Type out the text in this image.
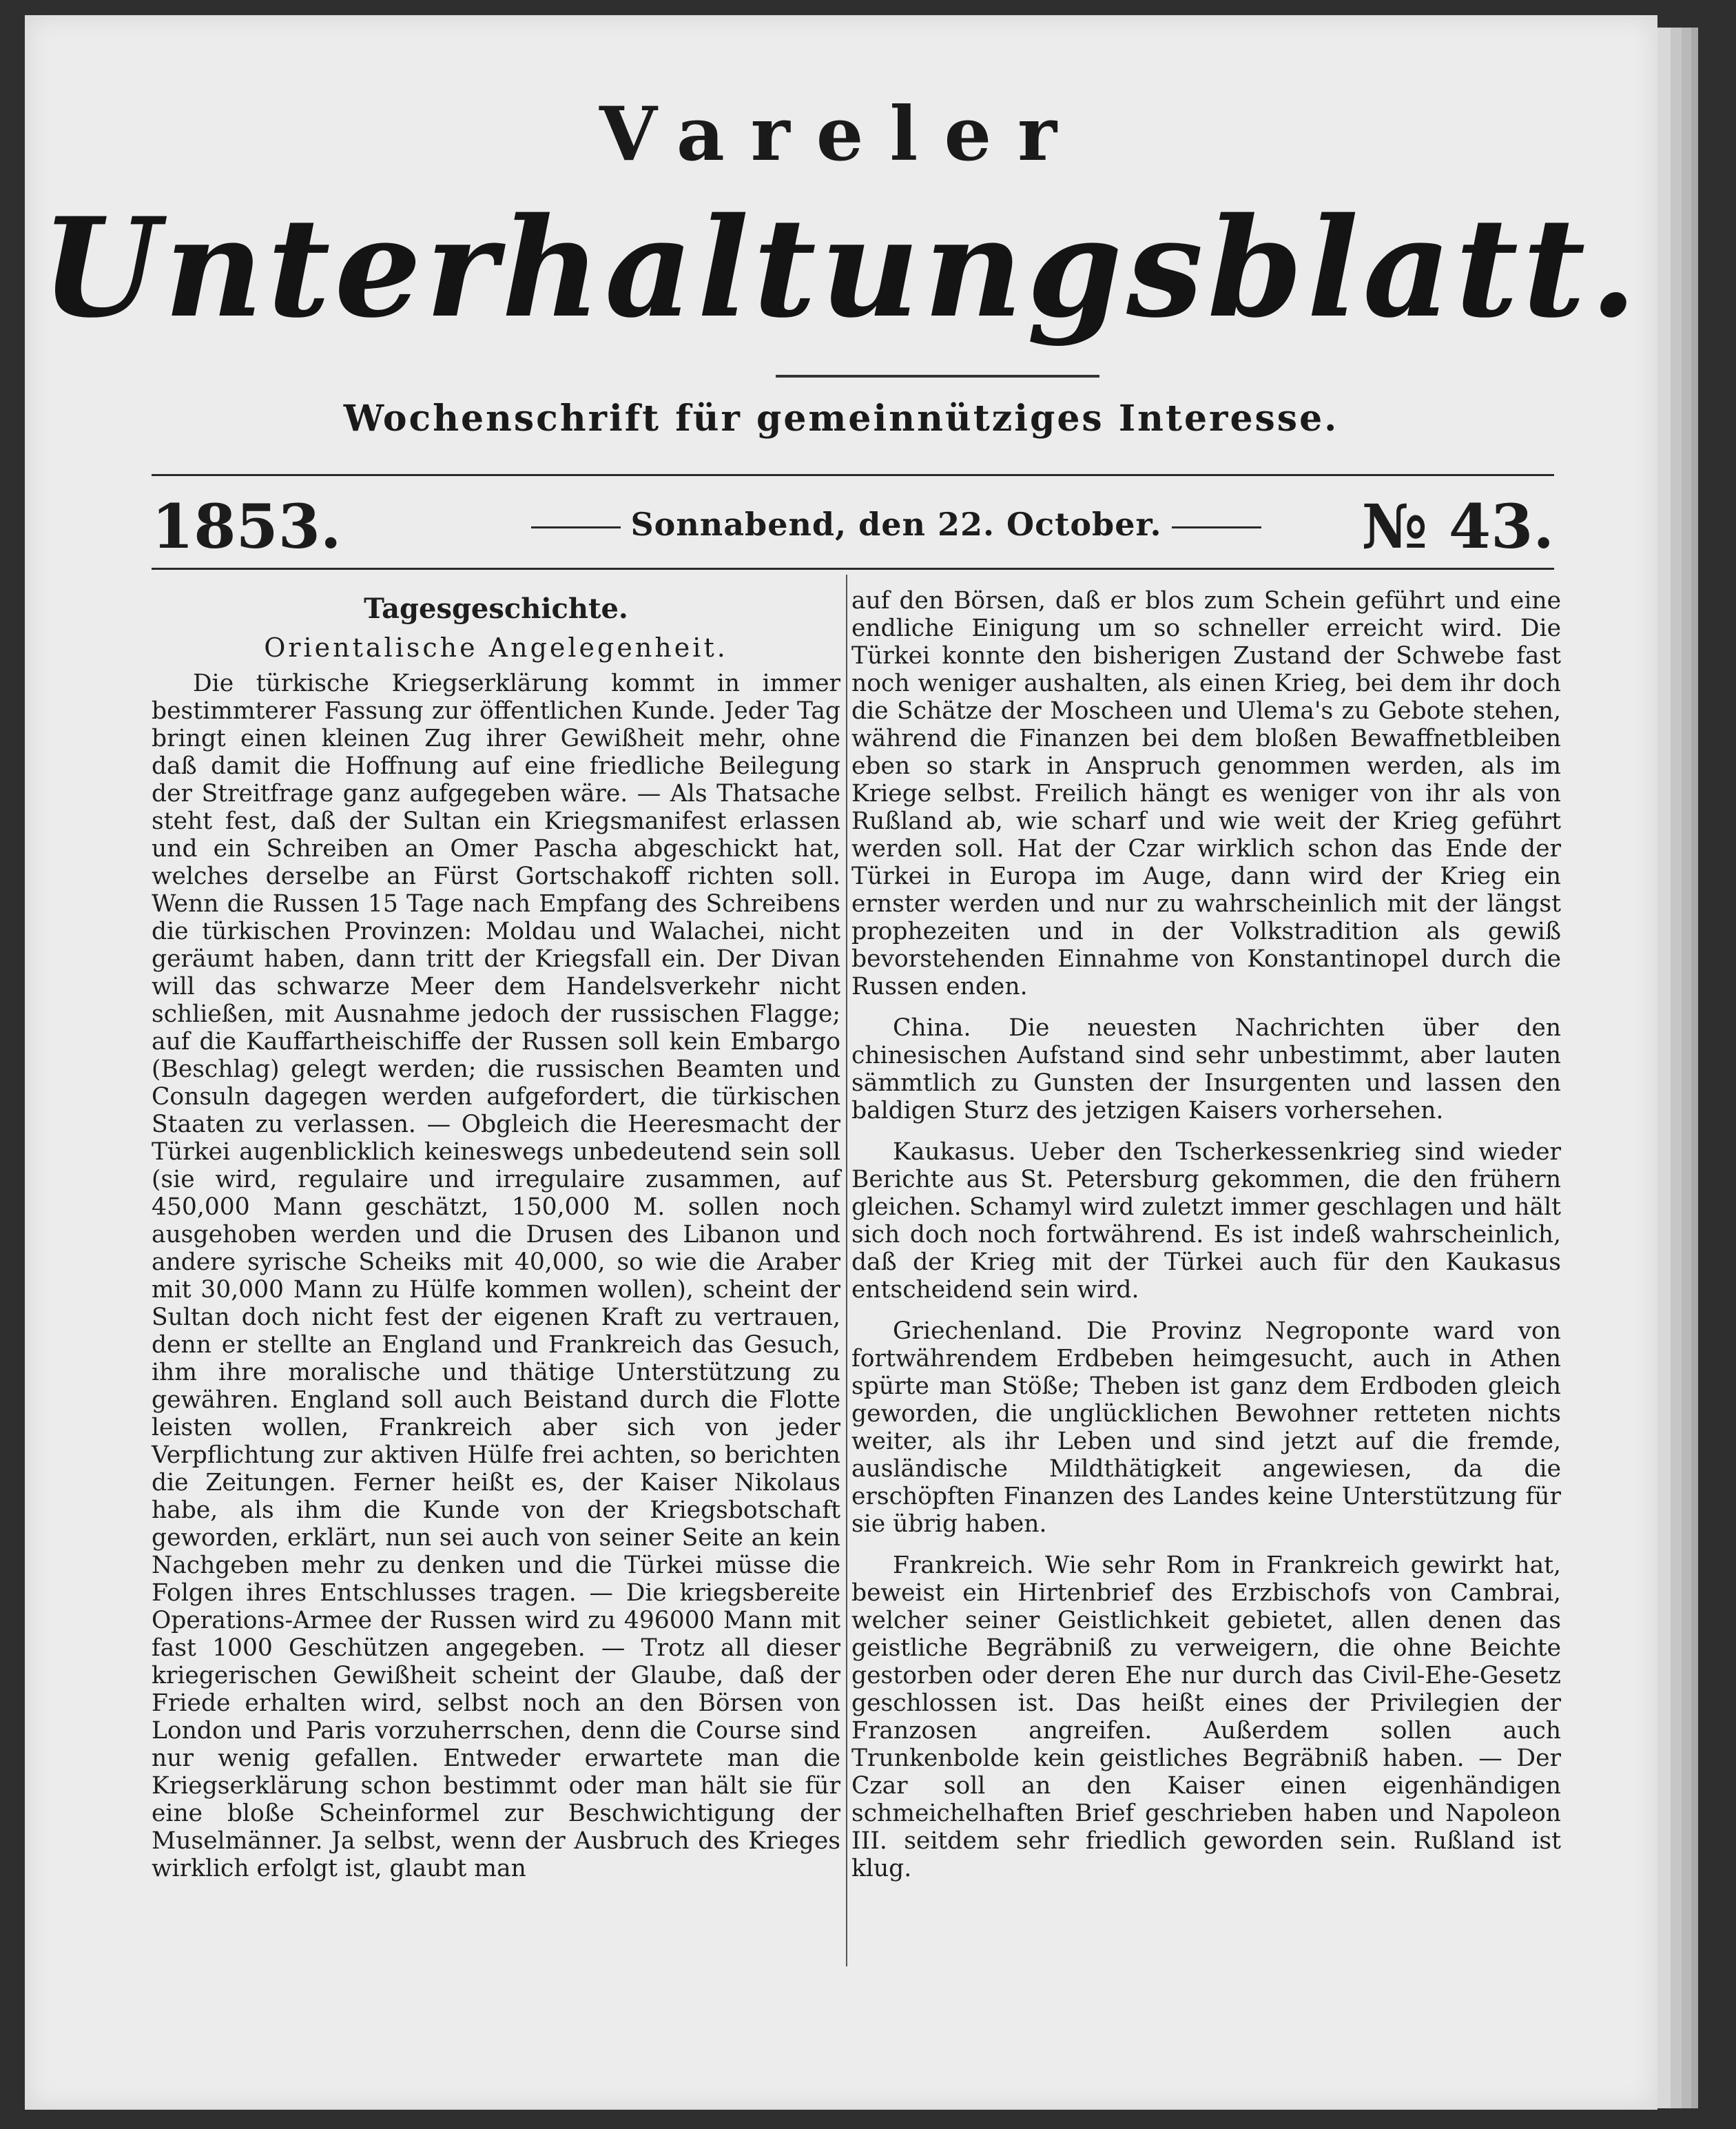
Vareler
Unterhaltungsblatt.
Wochenschrift für gemeinnütziges Interesse.
1853.	Sonnabend, den 22. October.	№ 43.
Tagesgeschichte.
Orientalische Angelegenheit.

Die türkische Kriegserklärung kommt in immer bestimmterer Fassung zur öffentlichen Kunde. Jeder Tag bringt einen kleinen Zug ihrer Gewißheit mehr, ohne daß damit die Hoffnung auf eine friedliche Beilegung der Streitfrage ganz aufgegeben wäre. — Als Thatsache steht fest, daß der Sultan ein Kriegsmanifest erlassen und ein Schreiben an Omer Pascha abgeschickt hat, welches derselbe an Fürst Gortschakoff richten soll. Wenn die Russen 15 Tage nach Empfang des Schreibens die türkischen Provinzen: Moldau und Walachei, nicht geräumt haben, dann tritt der Kriegsfall ein. Der Divan will das schwarze Meer dem Handelsverkehr nicht schließen, mit Ausnahme jedoch der russischen Flagge; auf die Kauffartheischiffe der Russen soll kein Embargo (Beschlag) gelegt werden; die russischen Beamten und Consuln dagegen werden aufgefordert, die türkischen Staaten zu verlassen. — Obgleich die Heeresmacht der Türkei augenblicklich keineswegs unbedeutend sein soll (sie wird, regulaire und irregulaire zusammen, auf 450,000 Mann geschätzt, 150,000 M. sollen noch ausgehoben werden und die Drusen des Libanon und andere syrische Scheiks mit 40,000, so wie die Araber mit 30,000 Mann zu Hülfe kommen wollen), scheint der Sultan doch nicht fest der eigenen Kraft zu vertrauen, denn er stellte an England und Frankreich das Gesuch, ihm ihre moralische und thätige Unterstützung zu gewähren. England soll auch Beistand durch die Flotte leisten wollen, Frankreich aber sich von jeder Verpflichtung zur aktiven Hülfe frei achten, so berichten die Zeitungen. Ferner heißt es, der Kaiser Nikolaus habe, als ihm die Kunde von der Kriegsbotschaft geworden, erklärt, nun sei auch von seiner Seite an kein Nachgeben mehr zu denken und die Türkei müsse die Folgen ihres Entschlusses tragen. — Die kriegsbereite Operations-Armee der Russen wird zu 496000 Mann mit fast 1000 Geschützen angegeben. — Trotz all dieser kriegerischen Gewißheit scheint der Glaube, daß der Friede erhalten wird, selbst noch an den Börsen von London und Paris vorzuherrschen, denn die Course sind nur wenig gefallen. Entweder erwartete man die Kriegserklärung schon bestimmt oder man hält sie für eine bloße Scheinformel zur Beschwichtigung der Muselmänner. Ja selbst, wenn der Ausbruch des Krieges wirklich erfolgt ist, glaubt man

auf den Börsen, daß er blos zum Schein geführt und eine endliche Einigung um so schneller erreicht wird. Die Türkei konnte den bisherigen Zustand der Schwebe fast noch weniger aushalten, als einen Krieg, bei dem ihr doch die Schätze der Moscheen und Ulema's zu Gebote stehen, während die Finanzen bei dem bloßen Bewaffnetbleiben eben so stark in Anspruch genommen werden, als im Kriege selbst. Freilich hängt es weniger von ihr als von Rußland ab, wie scharf und wie weit der Krieg geführt werden soll. Hat der Czar wirklich schon das Ende der Türkei in Europa im Auge, dann wird der Krieg ein ernster werden und nur zu wahrscheinlich mit der längst prophezeiten und in der Volkstradition als gewiß bevorstehenden Einnahme von Konstantinopel durch die Russen enden.

China. Die neuesten Nachrichten über den chinesischen Aufstand sind sehr unbestimmt, aber lauten sämmtlich zu Gunsten der Insurgenten und lassen den baldigen Sturz des jetzigen Kaisers vorhersehen.

Kaukasus. Ueber den Tscherkessenkrieg sind wieder Berichte aus St. Petersburg gekommen, die den frühern gleichen. Schamyl wird zuletzt immer geschlagen und hält sich doch noch fortwährend. Es ist indeß wahrscheinlich, daß der Krieg mit der Türkei auch für den Kaukasus entscheidend sein wird.

Griechenland. Die Provinz Negroponte ward von fortwährendem Erdbeben heimgesucht, auch in Athen spürte man Stöße; Theben ist ganz dem Erdboden gleich geworden, die unglücklichen Bewohner retteten nichts weiter, als ihr Leben und sind jetzt auf die fremde, ausländische Mildthätigkeit angewiesen, da die erschöpften Finanzen des Landes keine Unterstützung für sie übrig haben.

Frankreich. Wie sehr Rom in Frankreich gewirkt hat, beweist ein Hirtenbrief des Erzbischofs von Cambrai, welcher seiner Geistlichkeit gebietet, allen denen das geistliche Begräbniß zu verweigern, die ohne Beichte gestorben oder deren Ehe nur durch das Civil-Ehe-Gesetz geschlossen ist. Das heißt eines der Privilegien der Franzosen angreifen. Außerdem sollen auch Trunkenbolde kein geistliches Begräbniß haben. — Der Czar soll an den Kaiser einen eigenhändigen schmeichelhaften Brief geschrieben haben und Napoleon III. seitdem sehr friedlich geworden sein. Rußland ist klug.
